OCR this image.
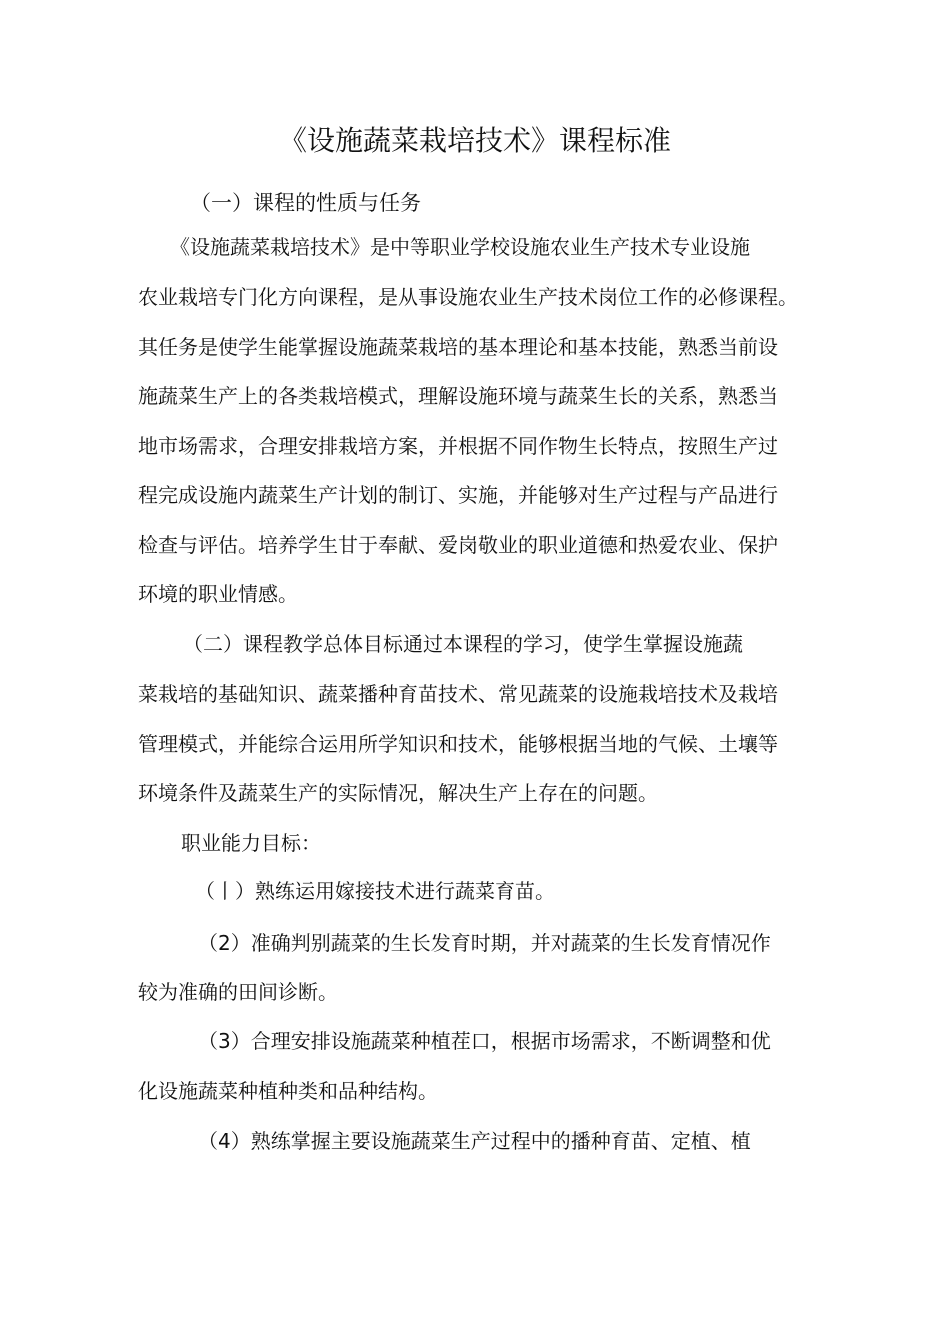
《设施蔬菜栽培技术》课程标准
（一）课程的性质与任务
《设施蔬菜栽培技术》是中等职业学校设施农业生产技术专业设施
农业栽培专门化方向课程，是从事设施农业生产技术岗位工作的必修课程。
其任务是使学生能掌握设施蔬菜栽培的基本理论和基本技能，熟悉当前设
施蔬菜生产上的各类栽培模式，理解设施环境与蔬菜生长的关系，熟悉当
地市场需求，合理安排栽培方案，并根据不同作物生长特点，按照生产过
程完成设施内蔬菜生产计划的制订、实施，并能够对生产过程与产品进行
检查与评估。培养学生甘于奉献、爱岗敬业的职业道德和热爱农业、保护
环境的职业情感。
（二）课程教学总体目标通过本课程的学习，使学生掌握设施蔬
菜栽培的基础知识、蔬菜播种育苗技术、常见蔬菜的设施栽培技术及栽培
管理模式，并能综合运用所学知识和技术，能够根据当地的气候、土壤等
环境条件及蔬菜生产的实际情况，解决生产上存在的问题。
职业能力目标：
（丨）熟练运用嫁接技术进行蔬菜育苗。
（2）准确判别蔬菜的生长发育时期，并对蔬菜的生长发育情况作
较为准确的田间诊断。
（3）合理安排设施蔬菜种植茬口，根据市场需求，不断调整和优
化设施蔬菜种植种类和品种结构。
（4）熟练掌握主要设施蔬菜生产过程中的播种育苗、定植、植
